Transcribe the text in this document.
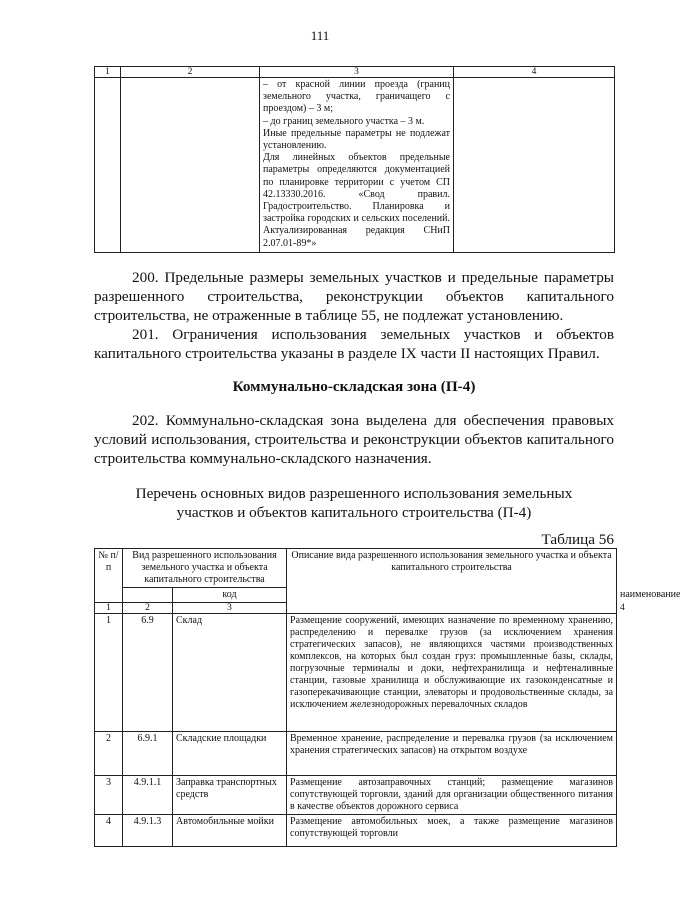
111
1	2	3	4

		– от красной линии проезда (границ земельного участка, граничащего с проездом) – 3 м;
– до границ земельного участка – 3 м.
Иные предельные параметры не подлежат установлению.
Для линейных объектов предельные параметры определяются документацией по планировке территории с учетом СП 42.13330.2016. «Свод правил. Градостроительство. Планировка и застройка городских и сельских поселений. Актуализированная редакция СНиП 2.07.01-89*»	

200. Предельные размеры земельных участков и предельные параметры разрешенного строительства, реконструкции объектов капитального строительства, не отраженные в таблице 55, не подлежат установлению.
201. Ограничения использования земельных участков и объектов капитального строительства указаны в разделе IX части II настоящих Правил.
Коммунально-складская зона (П-4)
202. Коммунально-складская зона выделена для обеспечения правовых условий использования, строительства и реконструкции объектов капитального строительства коммунально-складского назначения.
Перечень основных видов разрешенного использования земельных
участков и объектов капитального строительства (П-4)
Таблица 56
№ п/п	Вид разрешенного использования земельного участка и объекта капитального строительства		Описание вида разрешенного использования земельного участка и объекта капитального строительства	
		код		наименование
1	2	3		4
1	6.9	Склад	Размещение сооружений, имеющих назначение по временному хранению, распределению и перевалке грузов (за исключением хранения стратегических запасов), не являющихся частями производственных комплексов, на которых был создан груз: промышленные базы, склады, погрузочные терминалы и доки, нефтехранилища и нефтеналивные станции, газовые хранилища и обслуживающие их газоконденсатные и газоперекачивающие станции, элеваторы и продовольственные склады, за исключением железнодорожных перевалочных складов	
2	6.9.1	Складские площадки	Временное хранение, распределение и перевалка грузов (за исключением хранения стратегических запасов) на открытом воздухе	
3	4.9.1.1	Заправка транспортных средств	Размещение автозаправочных станций; размещение магазинов сопутствующей торговли, зданий для организации общественного питания в качестве объектов дорожного сервиса	
4	4.9.1.3	Автомобильные мойки	Размещение автомобильных моек, а также размещение магазинов сопутствующей торговли	
